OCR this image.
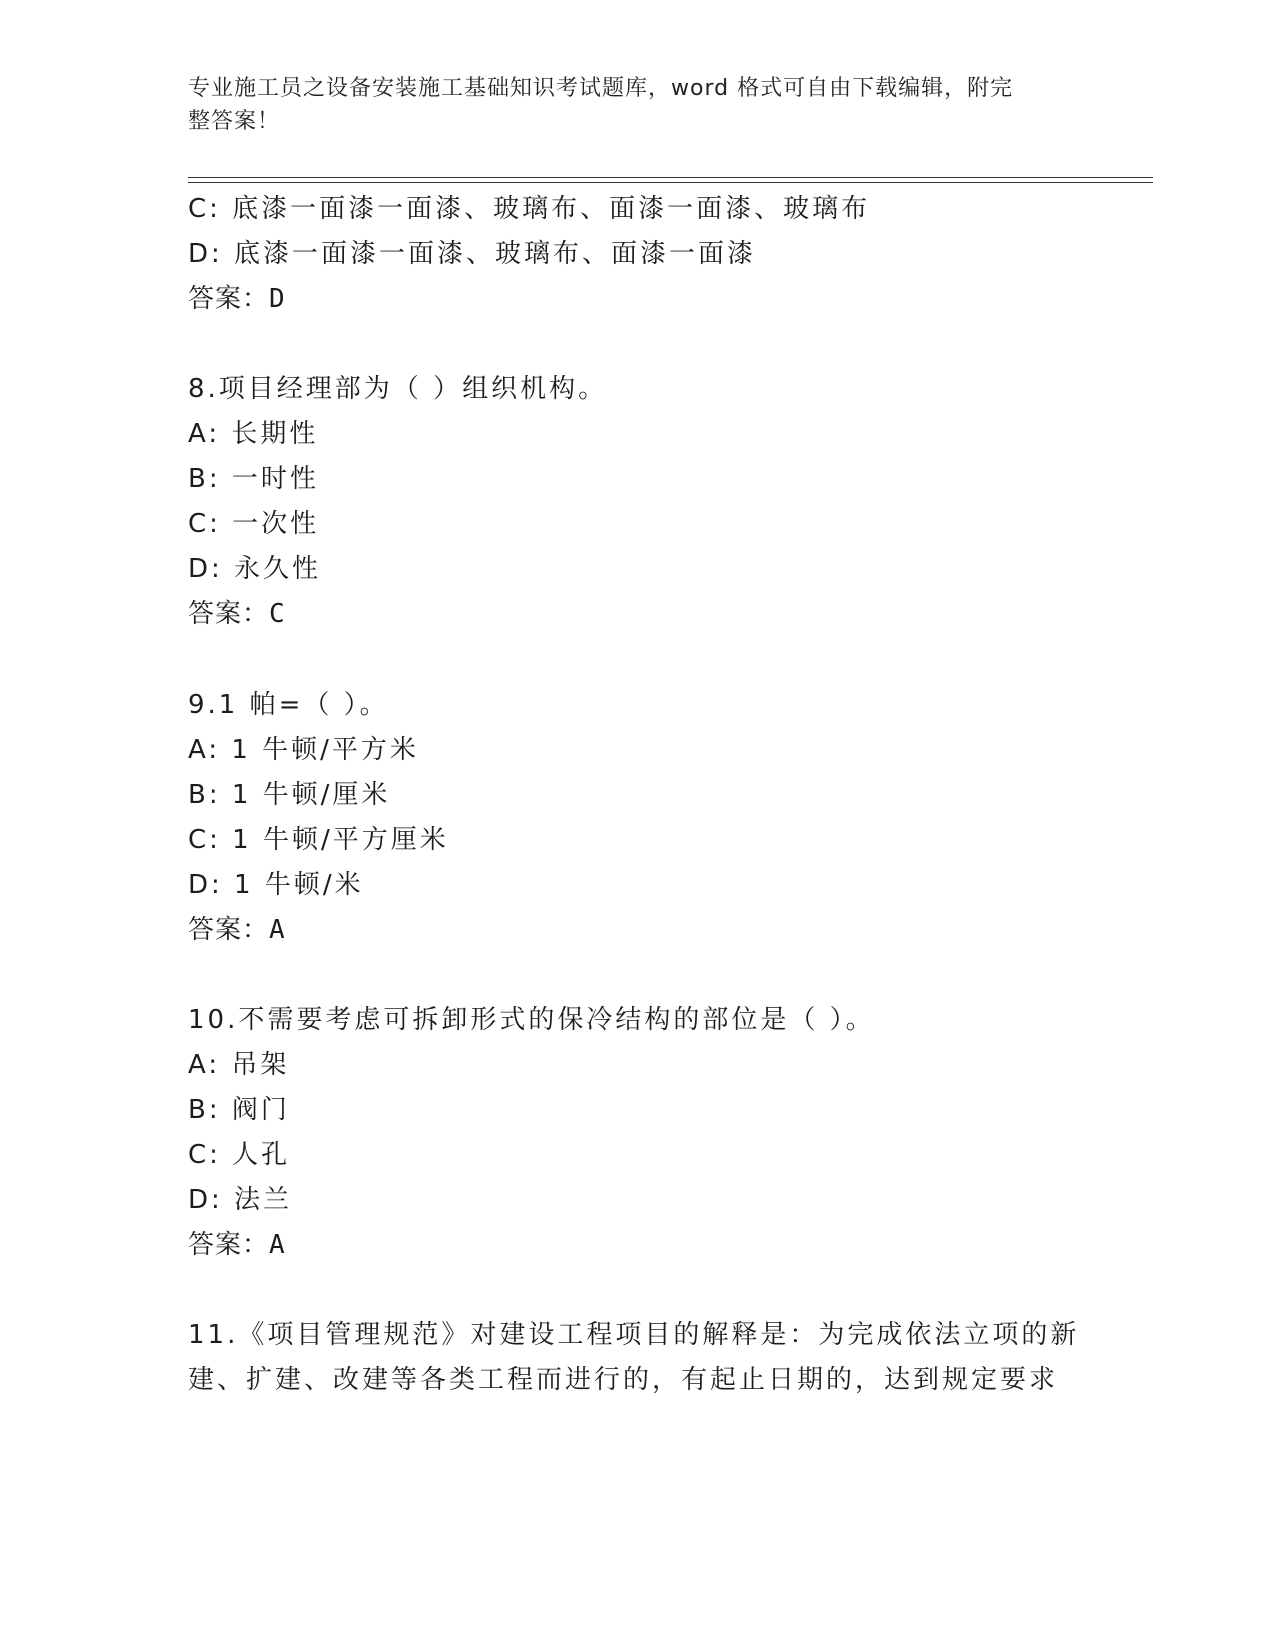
专业施工员之设备安装施工基础知识考试题库，word 格式可自由下载编辑，附完
整答案！
C: 底漆一面漆一面漆、玻璃布、面漆一面漆、玻璃布
D: 底漆一面漆一面漆、玻璃布、面漆一面漆
答案：D
8.项目经理部为（ ）组织机构。
A: 长期性
B: 一时性
C: 一次性
D: 永久性
答案：C
9.1 帕=（ ）。
A: 1 牛顿/平方米
B: 1 牛顿/厘米
C: 1 牛顿/平方厘米
D: 1 牛顿/米
答案：A
10.不需要考虑可拆卸形式的保冷结构的部位是（ ）。
A: 吊架
B: 阀门
C: 人孔
D: 法兰
答案：A
11.《项目管理规范》对建设工程项目的解释是：为完成依法立项的新
建、扩建、改建等各类工程而进行的，有起止日期的，达到规定要求
